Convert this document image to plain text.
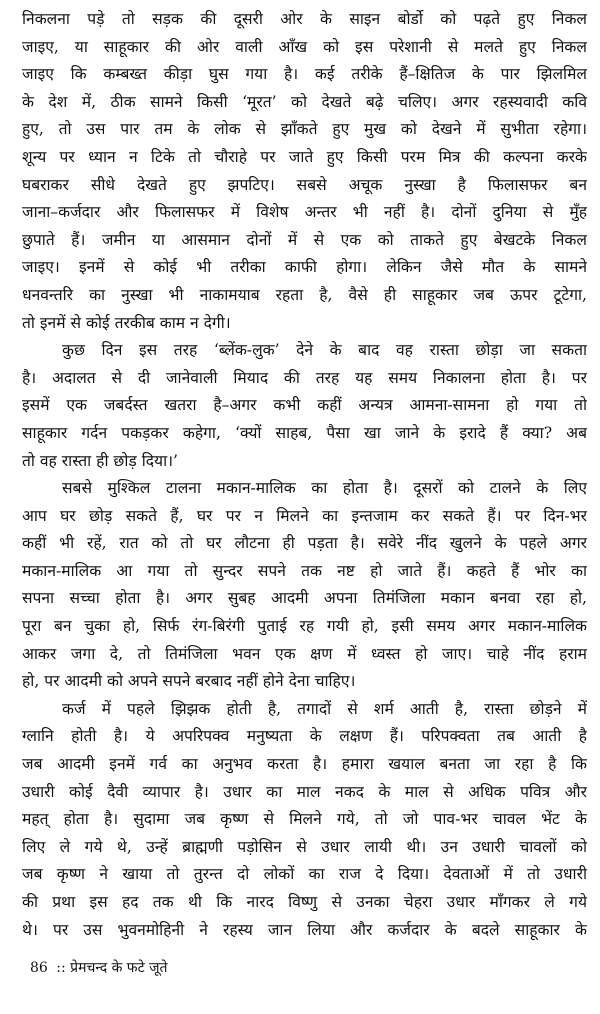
निकलना पड़े तो सड़क की दूसरी ओर के साइन बोर्डो को पढ़ते हुए निकल
जाइए, या साहूकार की ओर वाली आँख को इस परेशानी से मलते हुए निकल
जाइए कि कम्बख्त कीड़ा घुस गया है। कई तरीके हैं–क्षितिज के पार झिलमिल
के देश में, ठीक सामने किसी ‘मूरत’ को देखते बढ़े चलिए। अगर रहस्यवादी कवि
हुए, तो उस पार तम के लोक से झाँकते हुए मुख को देखने में सुभीता रहेगा।
शून्य पर ध्यान न टिके तो चौराहे पर जाते हुए किसी परम मित्र की कल्पना करके
घबराकर सीधे देखते हुए झपटिए। सबसे अचूक नुस्खा है फिलासफर बन
जाना–कर्जदार और फिलासफर में विशेष अन्तर भी नहीं है। दोनों दुनिया से मुँह
छुपाते हैं। जमीन या आसमान दोनों में से एक को ताकते हुए बेखटके निकल
जाइए। इनमें से कोई भी तरीका काफी होगा। लेकिन जैसे मौत के सामने
धनवन्तरि का नुस्खा भी नाकामयाब रहता है, वैसे ही साहूकार जब ऊपर टूटेगा,
तो इनमें से कोई तरकीब काम न देगी।
कुछ दिन इस तरह ‘ब्लेंक-लुक’ देने के बाद वह रास्ता छोड़ा जा सकता
है। अदालत से दी जानेवाली मियाद की तरह यह समय निकालना होता है। पर
इसमें एक जबर्दस्त खतरा है–अगर कभी कहीं अन्यत्र आमना-सामना हो गया तो
साहूकार गर्दन पकड़कर कहेगा, ‘क्यों साहब, पैसा खा जाने के इरादे हैं क्या? अब
तो वह रास्ता ही छोड़ दिया।’
सबसे मुश्किल टालना मकान-मालिक का होता है। दूसरों को टालने के लिए
आप घर छोड़ सकते हैं, घर पर न मिलने का इन्तजाम कर सकते हैं। पर दिन-भर
कहीं भी रहें, रात को तो घर लौटना ही पड़ता है। सवेरे नींद खुलने के पहले अगर
मकान-मालिक आ गया तो सुन्दर सपने तक नष्ट हो जाते हैं। कहते हैं भोर का
सपना सच्चा होता है। अगर सुबह आदमी अपना तिमंजिला मकान बनवा रहा हो,
पूरा बन चुका हो, सिर्फ रंग-बिरंगी पुताई रह गयी हो, इसी समय अगर मकान-मालिक
आकर जगा दे, तो तिमंजिला भवन एक क्षण में ध्वस्त हो जाए। चाहे नींद हराम
हो, पर आदमी को अपने सपने बरबाद नहीं होने देना चाहिए।
कर्ज में पहले झिझक होती है, तगादों से शर्म आती है, रास्ता छोड़ने में
ग्लानि होती है। ये अपरिपक्व मनुष्यता के लक्षण हैं। परिपक्वता तब आती है
जब आदमी इनमें गर्व का अनुभव करता है। हमारा खयाल बनता जा रहा है कि
उधारी कोई दैवी व्यापार है। उधार का माल नकद के माल से अधिक पवित्र और
महत् होता है। सुदामा जब कृष्ण से मिलने गये, तो जो पाव-भर चावल भेंट के
लिए ले गये थे, उन्हें ब्राह्मणी पड़ोसिन से उधार लायी थी। उन उधारी चावलों को
जब कृष्ण ने खाया तो तुरन्त दो लोकों का राज दे दिया। देवताओं में तो उधारी
की प्रथा इस हद तक थी कि नारद विष्णु से उनका चेहरा उधार माँगकर ले गये
थे। पर उस भुवनमोहिनी ने रहस्य जान लिया और कर्जदार के बदले साहूकार के
86 :: प्रेमचन्द के फटे जूते
